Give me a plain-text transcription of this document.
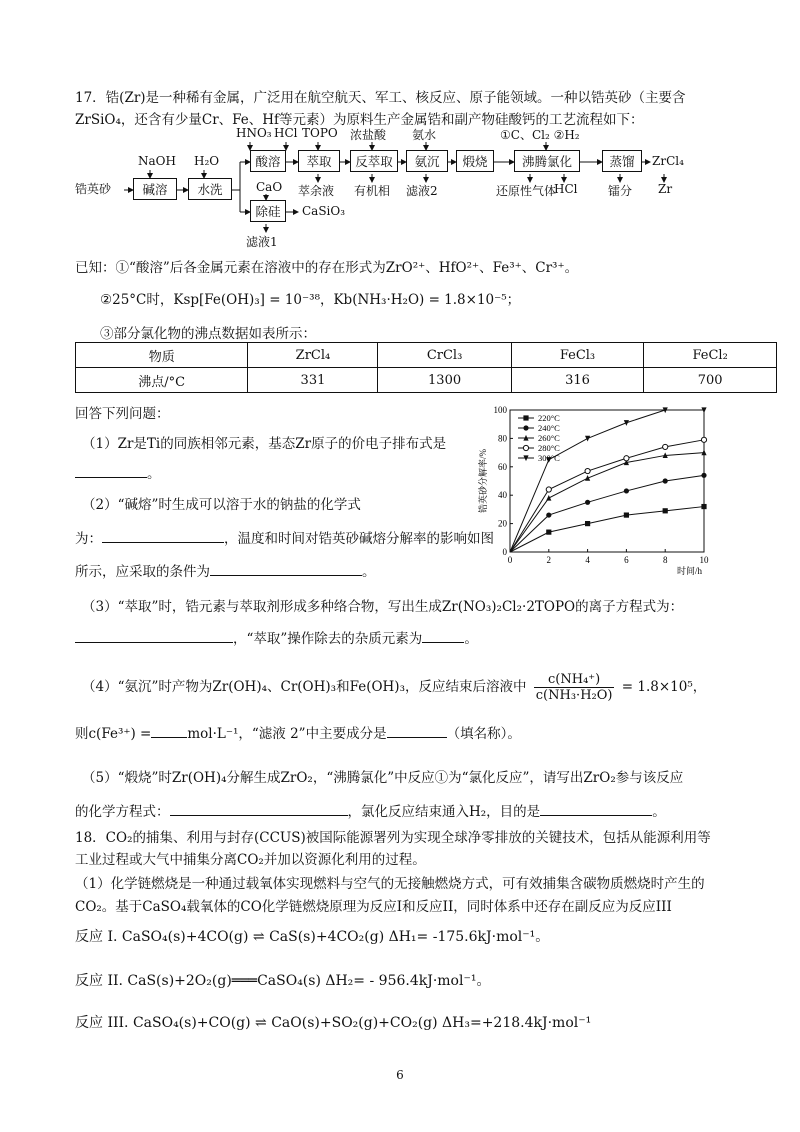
17．锆(Zr)是一种稀有金属，广泛用在航空航天、军工、核反应、原子能领域。一种以锆英砂（主要含
ZrSiO₄，还含有少量Cr、Fe、Hf等元素）为原料生产金属锆和副产物硅酸钙的工艺流程如下：
锆英砂	碱溶	水洗
酸溶	萃取	反萃取	氨沉	煅烧	沸腾氯化	蒸馏
除硅
NaOH H₂O
HNO₃ HCl TOPO 浓盐酸 氨水	①C、Cl₂ ②H₂
CaO 萃余液 有机相 滤液2	还原性气体
HCl	镭分
ZrCl₄
Zr
CaSiO₃
滤液1
已知：①“酸溶”后各金属元素在溶液中的存在形式为ZrO²⁺、HfO²⁺、Fe³⁺、Cr³⁺。
②25°C时，Ksp[Fe(OH)₃] = 10⁻³⁸，Kb(NH₃·H₂O) = 1.8×10⁻⁵；
③部分氯化物的沸点数据如表所示：
物质	ZrCl₄	CrCl₃	FeCl₃	FeCl₂
沸点/°C	331	1300	316	700
回答下列问题：
（1）Zr是Ti的同族相邻元素，基态Zr原子的价电子排布式是
。
（2）“碱熔”时生成可以溶于水的钠盐的化学式
为：	，温度和时间对锆英砂碱熔分解率的影响如图
所示，应采取的条件为	。
0	2	4	6	8	10
0
20
40
60
80
100
时间/h
锆英砂分解率/%
220°C
240°C
260°C
280°C
300°C
（3）“萃取”时，锆元素与萃取剂形成多种络合物，写出生成Zr(NO₃)₂Cl₂·2TOPO的离子方程式为：
，“萃取”操作除去的杂质元素为	。
（4）“氨沉”时产物为Zr(OH)₄、Cr(OH)₃和Fe(OH)₃，反应结束后溶液中 $\frac{\text{c(NH₄⁺)}}{\text{c(NH₃·H₂O)}} = 1.8\times 10^5$，
则c(Fe³⁺) =	mol·L⁻¹，“滤液 2”中主要成分是	（填名称）。
（5）“煅烧”时Zr(OH)₄分解生成ZrO₂，“沸腾氯化”中反应①为“氯化反应”，请写出ZrO₂参与该反应
的化学方程式：	，氯化反应结束通入H₂，目的是	。
18．CO₂的捕集、利用与封存(CCUS)被国际能源署列为实现全球净零排放的关键技术，包括从能源利用等
工业过程或大气中捕集分离CO₂并加以资源化利用的过程。
（1）化学链燃烧是一种通过载氧体实现燃料与空气的无接触燃烧方式，可有效捕集含碳物质燃烧时产生的
CO₂。基于CaSO₄载氧体的CO化学链燃烧原理为反应I和反应II，同时体系中还存在副反应为反应III
反应 I. CaSO₄(s)+4CO(g) ⇌ CaS(s)+4CO₂(g) ΔH₁= -175.6kJ·mol⁻¹。
反应 II. CaS(s)+2O₂(g)═══CaSO₄(s) ΔH₂= - 956.4kJ·mol⁻¹。
反应 III. CaSO₄(s)+CO(g) ⇌ CaO(s)+SO₂(g)+CO₂(g) ΔH₃=+218.4kJ·mol⁻¹
6
